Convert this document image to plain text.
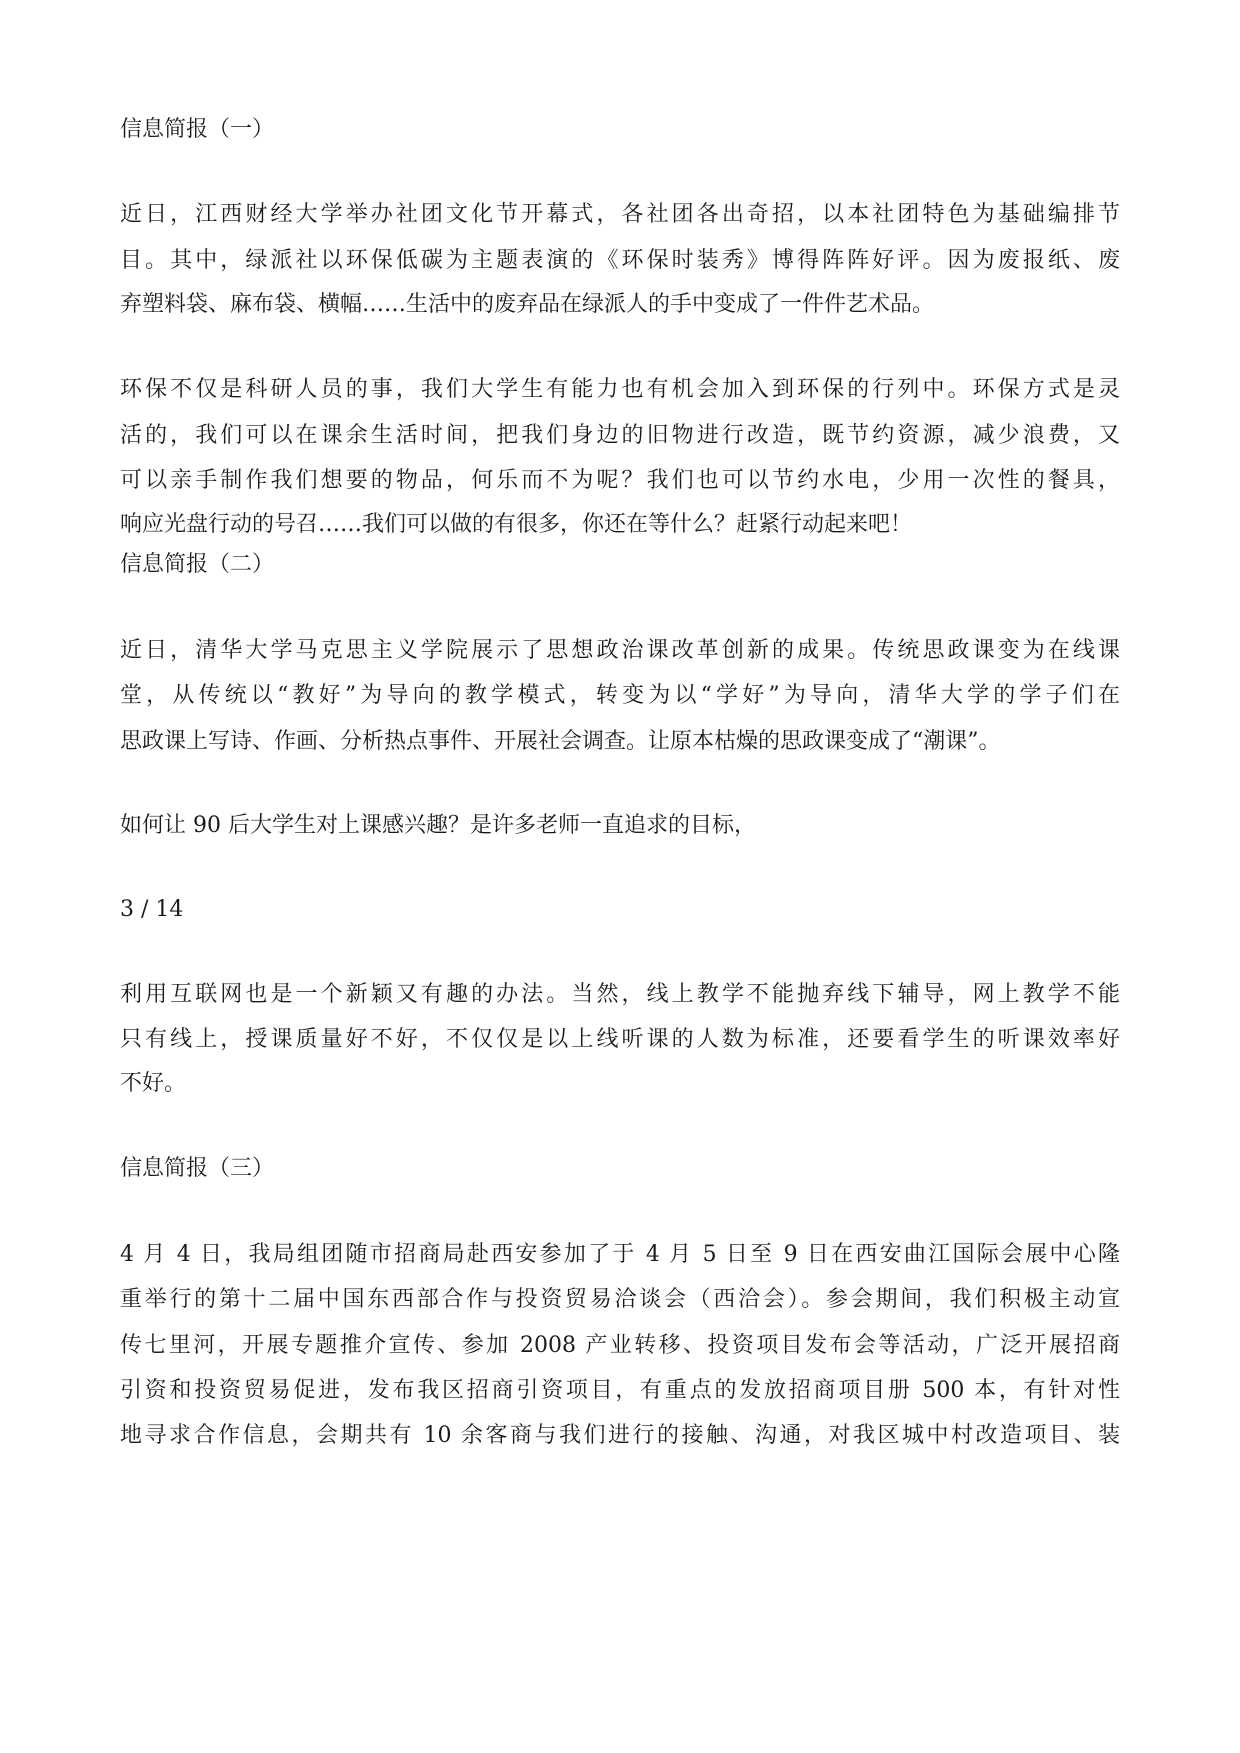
信息简报（一）
近日，江西财经大学举办社团文化节开幕式，各社团各出奇招，以本社团特色为基础编排节
目。其中，绿派社以环保低碳为主题表演的《环保时装秀》博得阵阵好评。因为废报纸、废
弃塑料袋、麻布袋、横幅……生活中的废弃品在绿派人的手中变成了一件件艺术品。
环保不仅是科研人员的事，我们大学生有能力也有机会加入到环保的行列中。环保方式是灵
活的，我们可以在课余生活时间，把我们身边的旧物进行改造，既节约资源，减少浪费，又
可以亲手制作我们想要的物品，何乐而不为呢？我们也可以节约水电，少用一次性的餐具，
响应光盘行动的号召……我们可以做的有很多，你还在等什么？赶紧行动起来吧！
信息简报（二）
近日，清华大学马克思主义学院展示了思想政治课改革创新的成果。传统思政课变为在线课
堂，从传统以“教好”为导向的教学模式，转变为以“学好”为导向，清华大学的学子们在
思政课上写诗、作画、分析热点事件、开展社会调查。让原本枯燥的思政课变成了“潮课”。
如何让 90 后大学生对上课感兴趣？是许多老师一直追求的目标，
3 / 14
利用互联网也是一个新颖又有趣的办法。当然，线上教学不能抛弃线下辅导，网上教学不能
只有线上，授课质量好不好，不仅仅是以上线听课的人数为标准，还要看学生的听课效率好
不好。
信息简报（三）
4 月 4 日，我局组团随市招商局赴西安参加了于 4 月 5 日至 9 日在西安曲江国际会展中心隆
重举行的第十二届中国东西部合作与投资贸易洽谈会（西洽会）。参会期间，我们积极主动宣
传七里河，开展专题推介宣传、参加 2008 产业转移、投资项目发布会等活动，广泛开展招商
引资和投资贸易促进，发布我区招商引资项目，有重点的发放招商项目册 500 本，有针对性
地寻求合作信息，会期共有 10 余客商与我们进行的接触、沟通，对我区城中村改造项目、装
